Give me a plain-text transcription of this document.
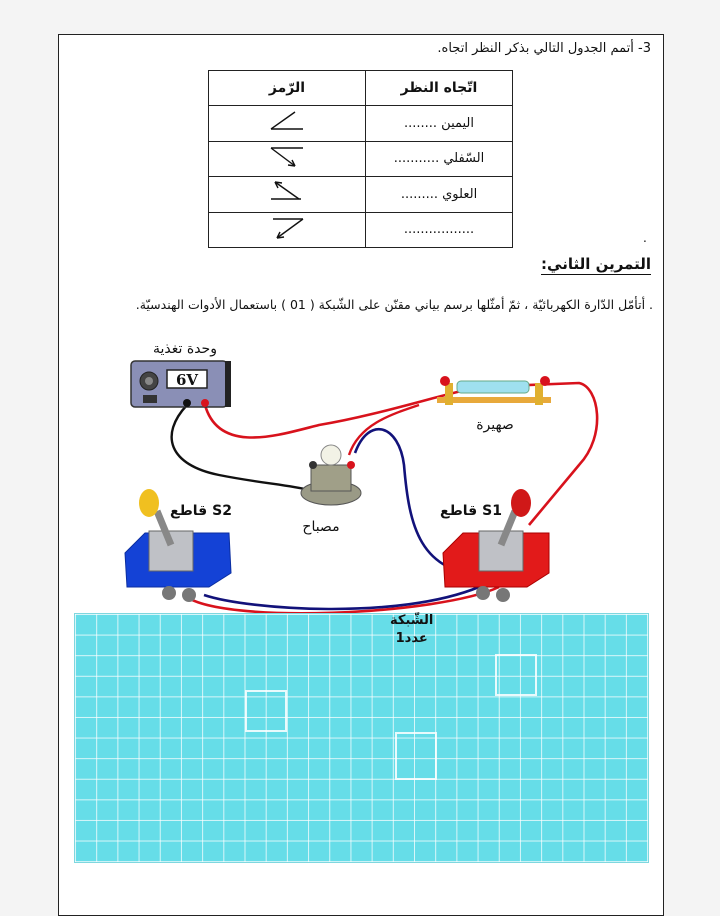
3- أتمم الجدول التالي بذكر النظر اتجاه.
اتّجاه النظر	الرّمز
اليمين ........	
السّفلي ...........	
العلوي .........	
.................	
.
التمرين الثاني:
. أتأمّل الدّارة الكهربائيّة ، ثمّ أمثّلها برسم بياني مقنّن على الشّبكة ( 01 ) باستعمال الأدوات الهندسيّة.
6V
وحدة تغذية
صهيرة
مصباح
قاطع S2	قاطع S1
الشّبكة
عدد1
